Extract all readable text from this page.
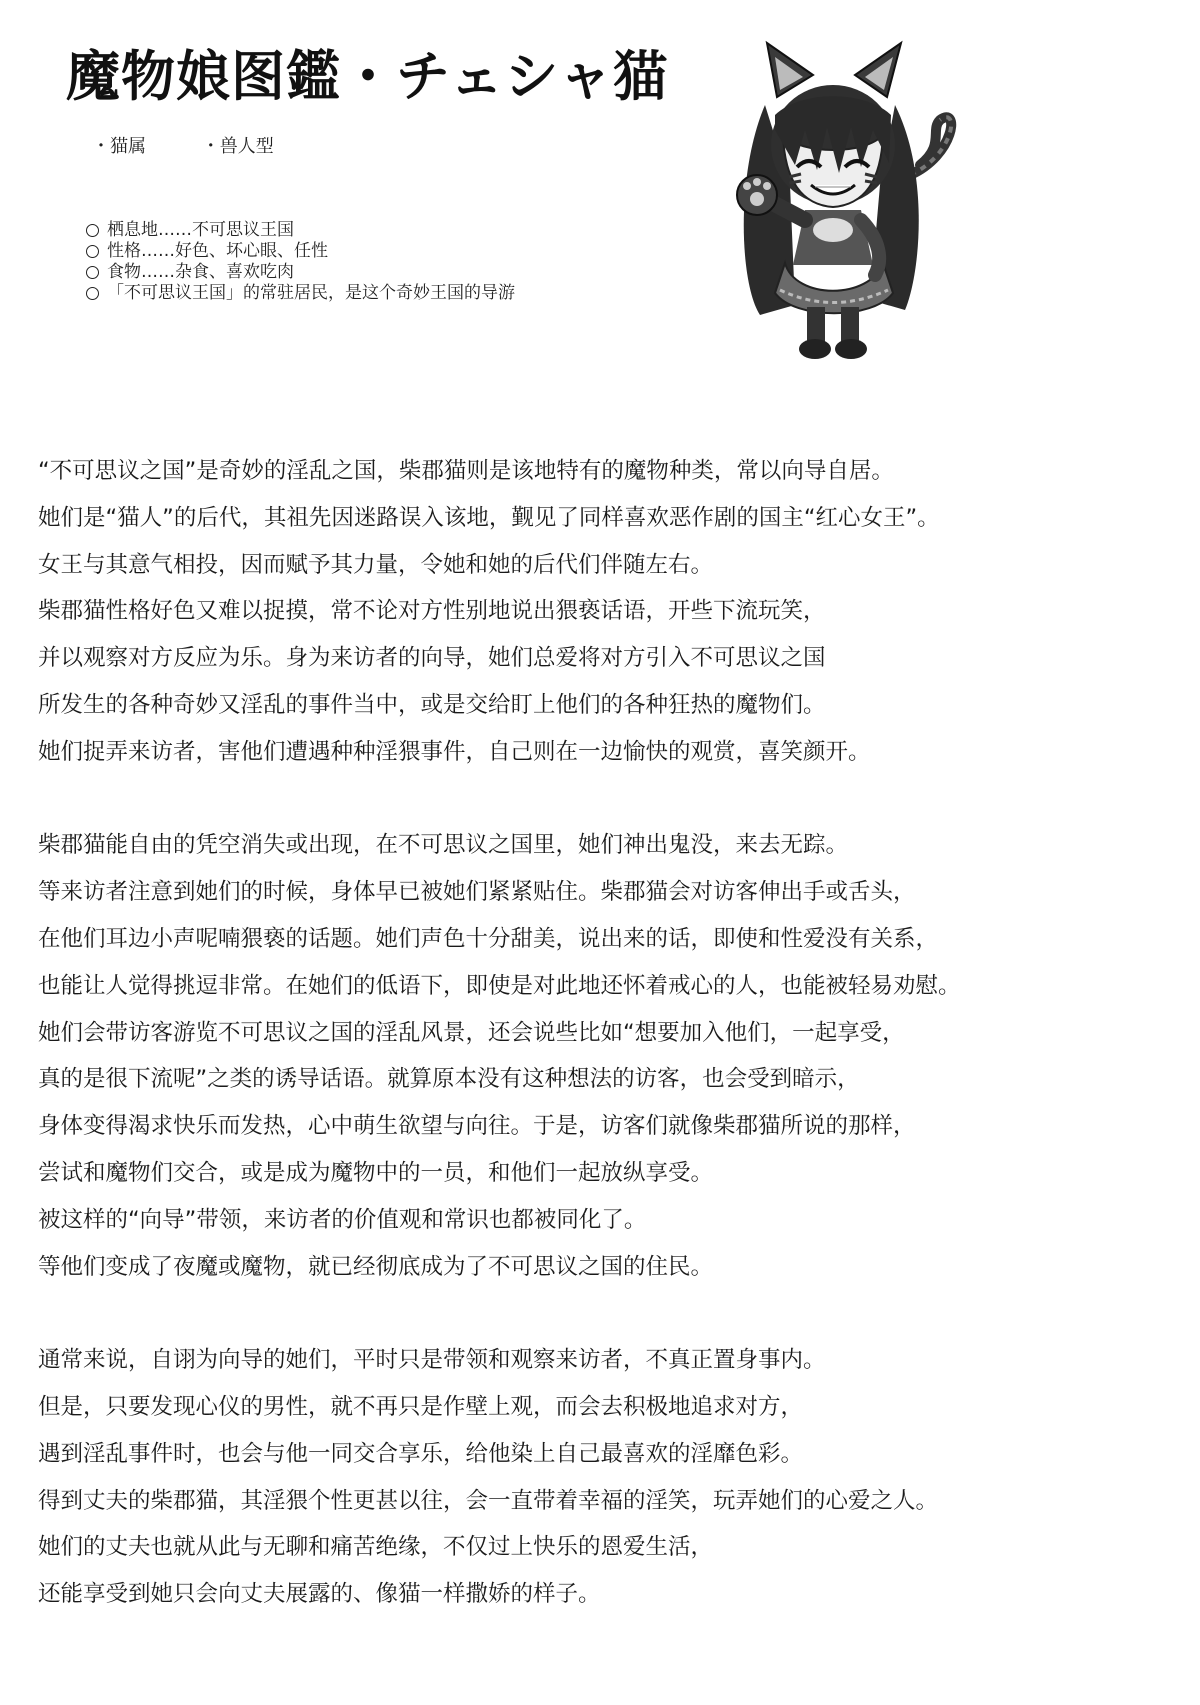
魔物娘图鑑・チェシャ猫
・猫属	・兽人型
栖息地……不可思议王国
性格……好色、坏心眼、任性
食物……杂食、喜欢吃肉
「不可思议王国」的常驻居民，是这个奇妙王国的导游

“不可思议之国”是奇妙的淫乱之国，柴郡猫则是该地特有的魔物种类，常以向导自居。

她们是“猫人”的后代，其祖先因迷路误入该地，觐见了同样喜欢恶作剧的国主“红心女王”。

女王与其意气相投，因而赋予其力量，令她和她的后代们伴随左右。

柴郡猫性格好色又难以捉摸，常不论对方性别地说出猥亵话语，开些下流玩笑，

并以观察对方反应为乐。身为来访者的向导，她们总爱将对方引入不可思议之国

所发生的各种奇妙又淫乱的事件当中，或是交给盯上他们的各种狂热的魔物们。

她们捉弄来访者，害他们遭遇种种淫猥事件，自己则在一边愉快的观赏，喜笑颜开。

柴郡猫能自由的凭空消失或出现，在不可思议之国里，她们神出鬼没，来去无踪。

等来访者注意到她们的时候，身体早已被她们紧紧贴住。柴郡猫会对访客伸出手或舌头，

在他们耳边小声呢喃猥亵的话题。她们声色十分甜美，说出来的话，即使和性爱没有关系，

也能让人觉得挑逗非常。在她们的低语下，即使是对此地还怀着戒心的人，也能被轻易劝慰。

她们会带访客游览不可思议之国的淫乱风景，还会说些比如“想要加入他们，一起享受，

真的是很下流呢”之类的诱导话语。就算原本没有这种想法的访客，也会受到暗示，

身体变得渴求快乐而发热，心中萌生欲望与向往。于是，访客们就像柴郡猫所说的那样，

尝试和魔物们交合，或是成为魔物中的一员，和他们一起放纵享受。

被这样的“向导”带领，来访者的价值观和常识也都被同化了。

等他们变成了夜魔或魔物，就已经彻底成为了不可思议之国的住民。

通常来说，自诩为向导的她们，平时只是带领和观察来访者，不真正置身事内。

但是，只要发现心仪的男性，就不再只是作壁上观，而会去积极地追求对方，

遇到淫乱事件时，也会与他一同交合享乐，给他染上自己最喜欢的淫靡色彩。

得到丈夫的柴郡猫，其淫猥个性更甚以往，会一直带着幸福的淫笑，玩弄她们的心爱之人。

她们的丈夫也就从此与无聊和痛苦绝缘，不仅过上快乐的恩爱生活，

还能享受到她只会向丈夫展露的、像猫一样撒娇的样子。
